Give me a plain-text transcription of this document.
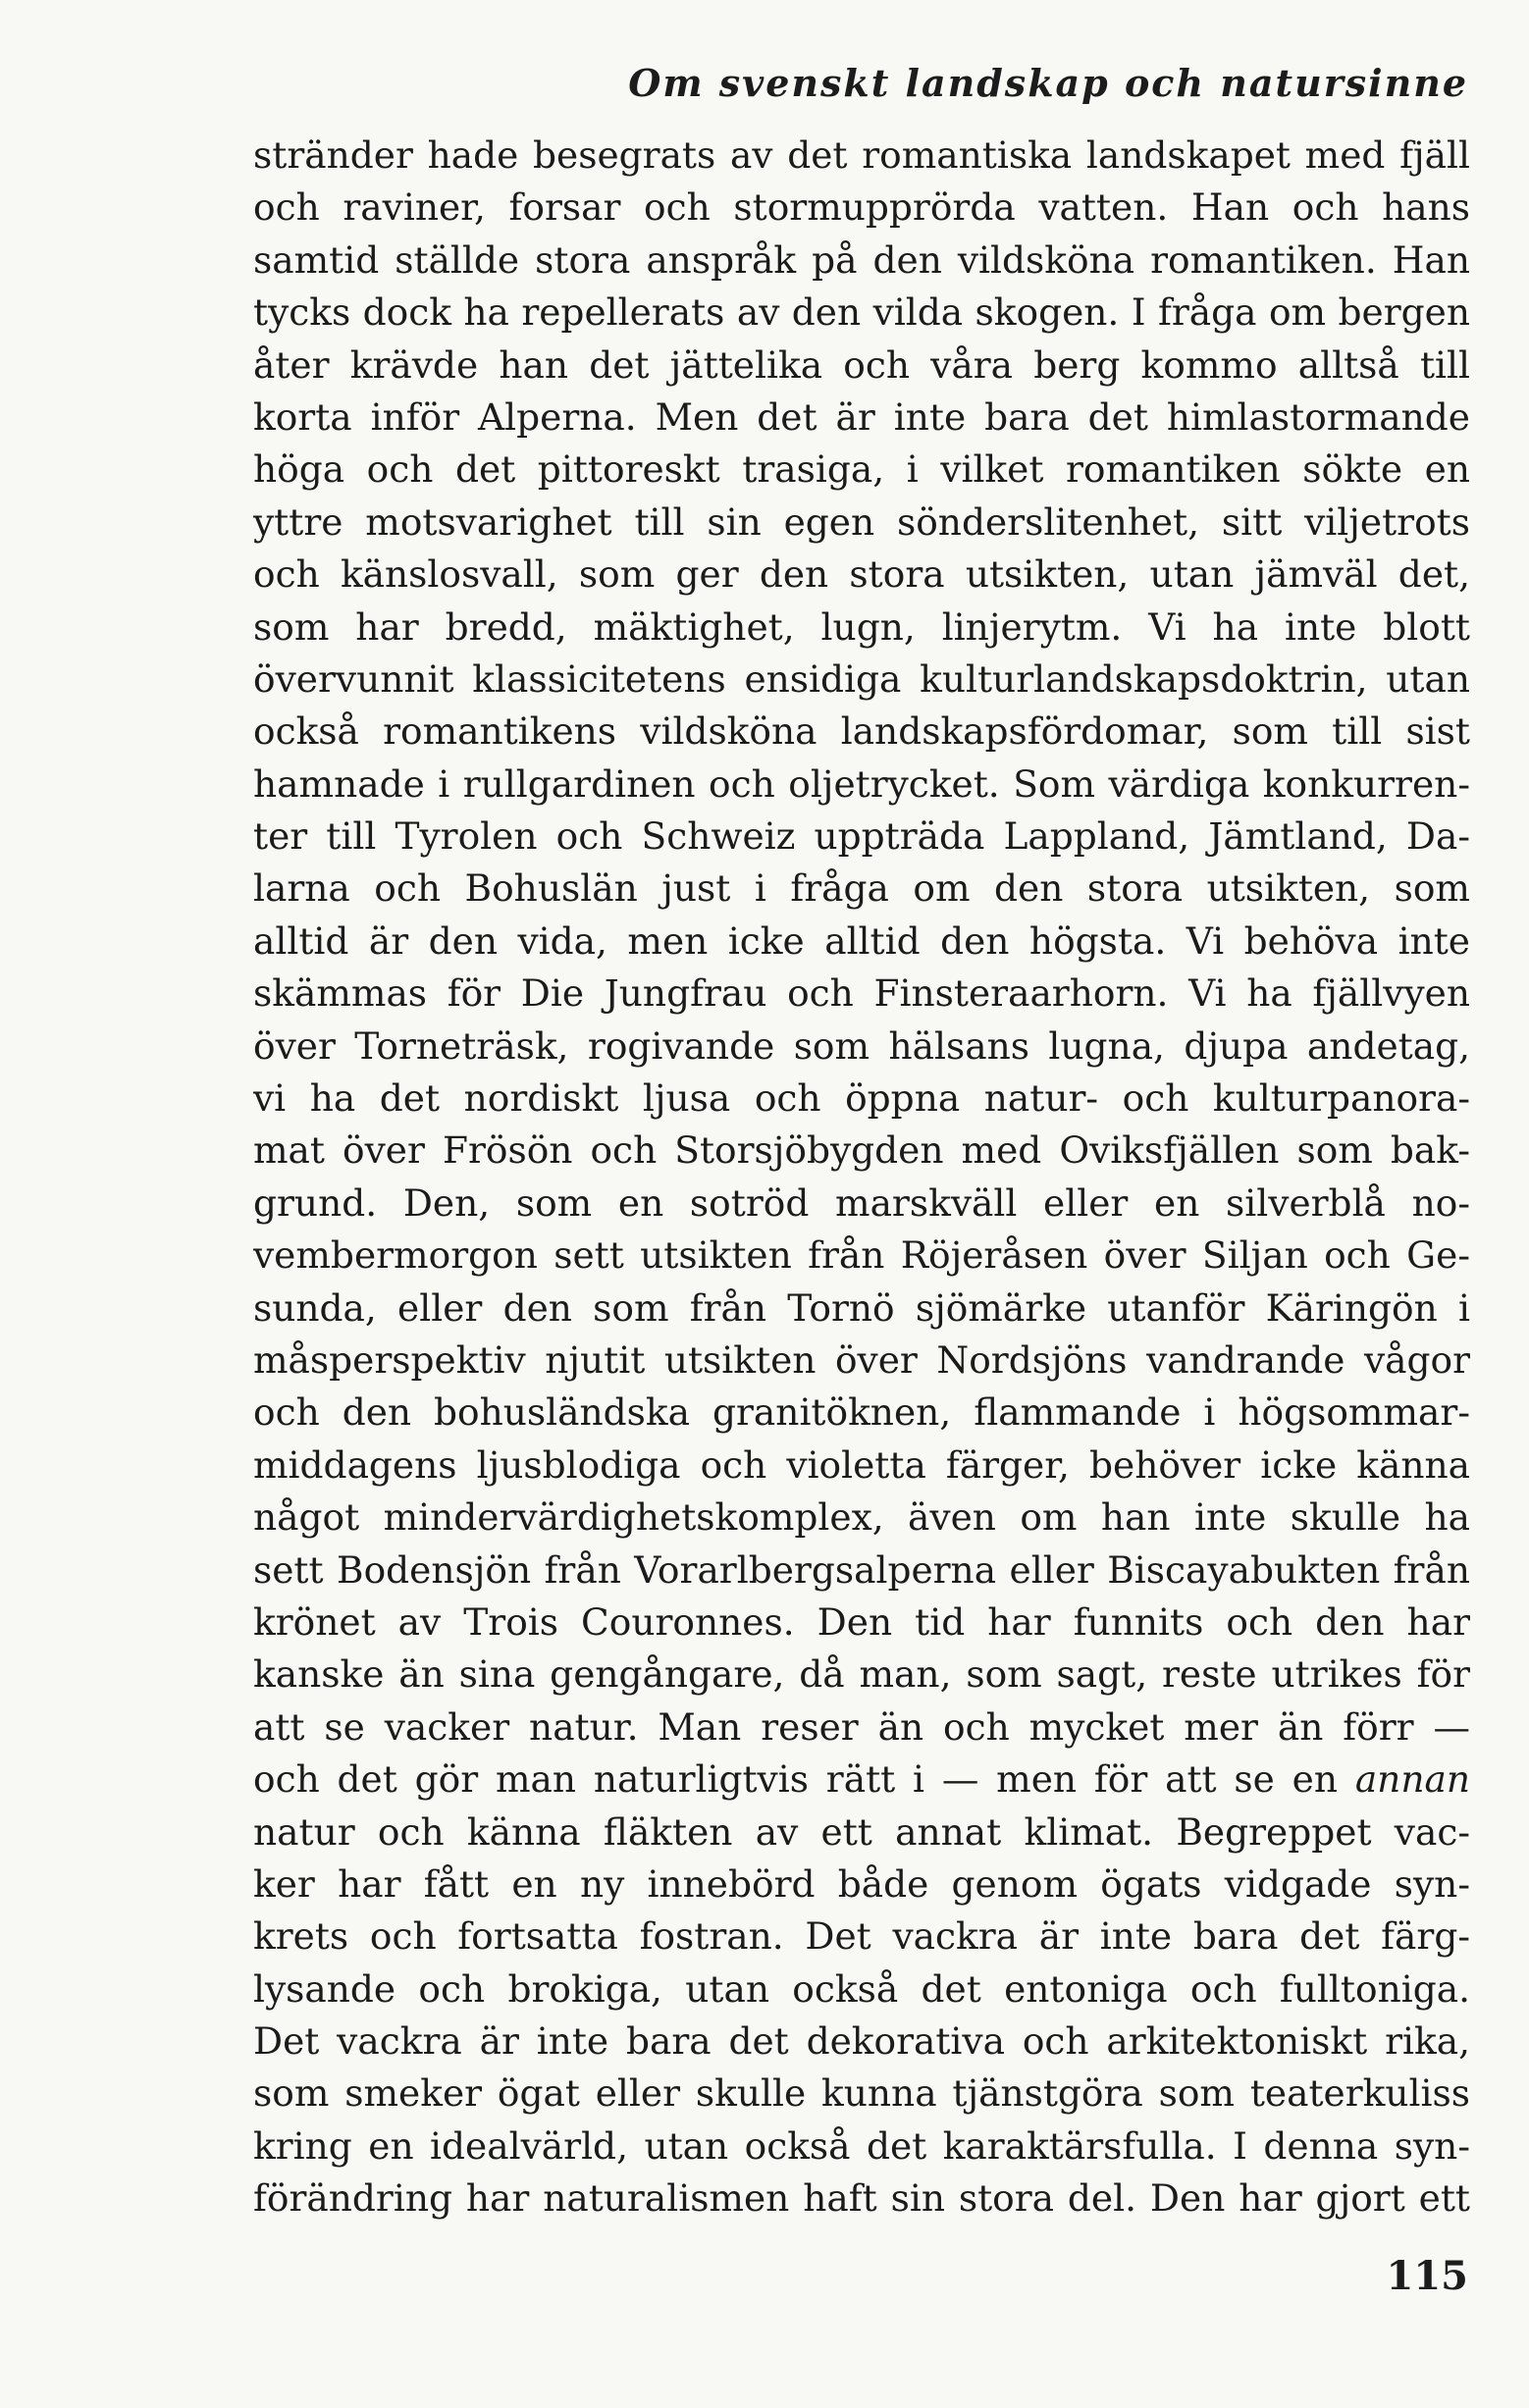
Om svenskt landskap och natursinne
stränder hade besegrats av det romantiska landskapet med fjäll
och raviner, forsar och stormupprörda vatten. Han och hans
samtid ställde stora anspråk på den vildsköna romantiken. Han
tycks dock ha repellerats av den vilda skogen. I fråga om bergen
åter krävde han det jättelika och våra berg kommo alltså till
korta inför Alperna. Men det är inte bara det himlastormande
höga och det pittoreskt trasiga, i vilket romantiken sökte en
yttre motsvarighet till sin egen sönderslitenhet, sitt viljetrots
och känslosvall, som ger den stora utsikten, utan jämväl det,
som har bredd, mäktighet, lugn, linjerytm. Vi ha inte blott
övervunnit klassicitetens ensidiga kulturlandskapsdoktrin, utan
också romantikens vildsköna landskapsfördomar, som till sist
hamnade i rullgardinen och oljetrycket. Som värdiga konkurren-
ter till Tyrolen och Schweiz uppträda Lappland, Jämtland, Da-
larna och Bohuslän just i fråga om den stora utsikten, som
alltid är den vida, men icke alltid den högsta. Vi behöva inte
skämmas för Die Jungfrau och Finsteraarhorn. Vi ha fjällvyen
över Torneträsk, rogivande som hälsans lugna, djupa andetag,
vi ha det nordiskt ljusa och öppna natur- och kulturpanora-
mat över Frösön och Storsjöbygden med Oviksfjällen som bak-
grund. Den, som en sotröd marskväll eller en silverblå no-
vembermorgon sett utsikten från Röjeråsen över Siljan och Ge-
sunda, eller den som från Tornö sjömärke utanför Käringön i
måsperspektiv njutit utsikten över Nordsjöns vandrande vågor
och den bohusländska granitöknen, flammande i högsommar-
middagens ljusblodiga och violetta färger, behöver icke känna
något mindervärdighetskomplex, även om han inte skulle ha
sett Bodensjön från Vorarlbergsalperna eller Biscayabukten från
krönet av Trois Couronnes. Den tid har funnits och den har
kanske än sina gengångare, då man, som sagt, reste utrikes för
att se vacker natur. Man reser än och mycket mer än förr —
och det gör man naturligtvis rätt i — men för att se en annan
natur och känna fläkten av ett annat klimat. Begreppet vac-
ker har fått en ny innebörd både genom ögats vidgade syn-
krets och fortsatta fostran. Det vackra är inte bara det färg-
lysande och brokiga, utan också det entoniga och fulltoniga.
Det vackra är inte bara det dekorativa och arkitektoniskt rika,
som smeker ögat eller skulle kunna tjänstgöra som teaterkuliss
kring en idealvärld, utan också det karaktärsfulla. I denna syn-
förändring har naturalismen haft sin stora del. Den har gjort ett
115
